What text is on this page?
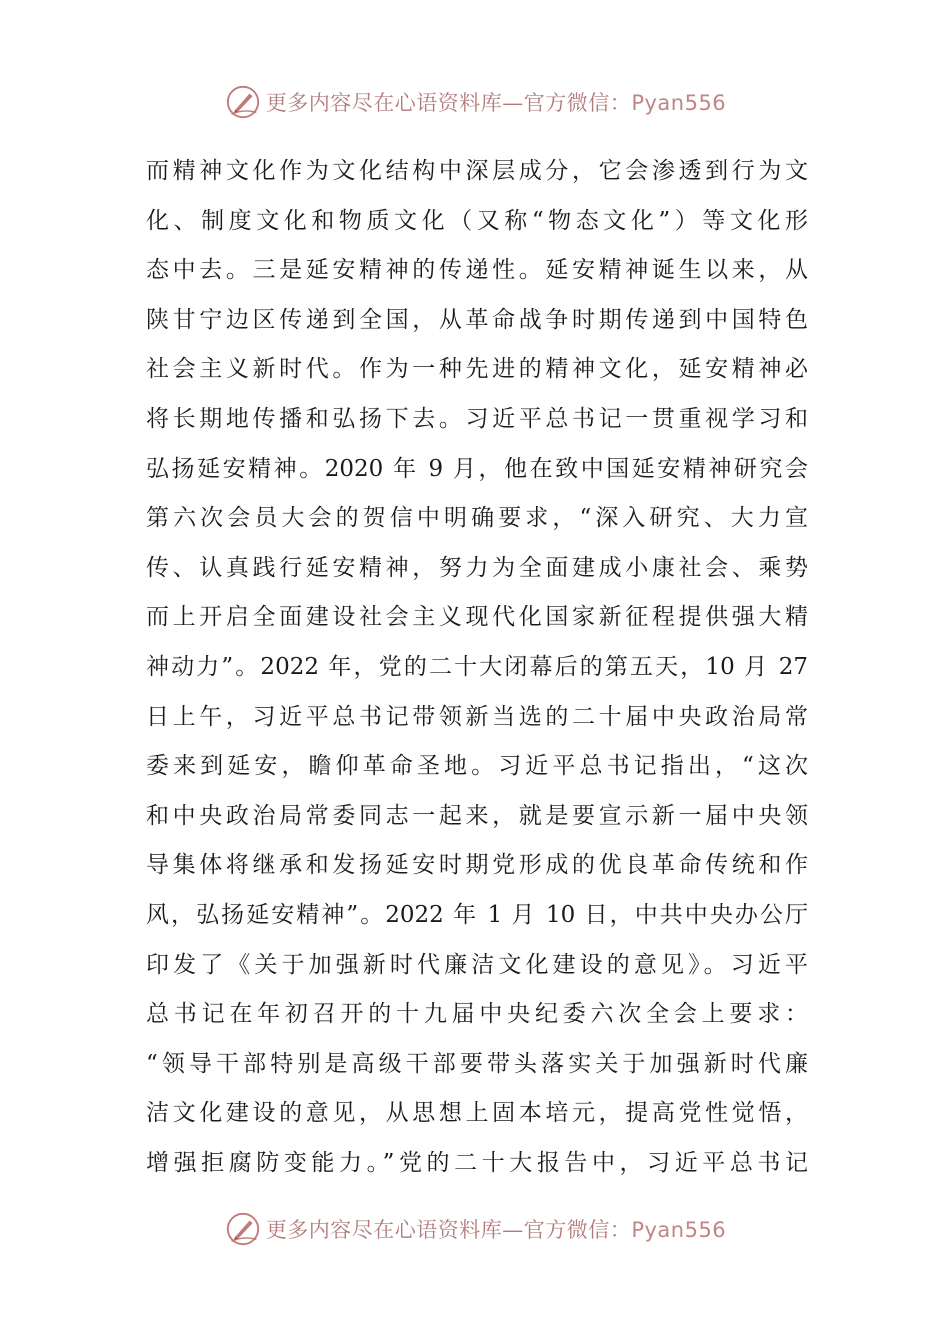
更多内容尽在心语资料库—官方微信：Pyan556
而精神文化作为文化结构中深层成分，它会渗透到行为文
化、制度文化和物质文化（又称“物态文化”）等文化形
态中去。三是延安精神的传递性。延安精神诞生以来，从
陕甘宁边区传递到全国，从革命战争时期传递到中国特色
社会主义新时代。作为一种先进的精神文化，延安精神必
将长期地传播和弘扬下去。习近平总书记一贯重视学习和
弘扬延安精神。2020 年 9 月，他在致中国延安精神研究会
第六次会员大会的贺信中明确要求，“深入研究、大力宣
传、认真践行延安精神，努力为全面建成小康社会、乘势
而上开启全面建设社会主义现代化国家新征程提供强大精
神动力”。2022 年，党的二十大闭幕后的第五天，10 月 27
日上午，习近平总书记带领新当选的二十届中央政治局常
委来到延安，瞻仰革命圣地。习近平总书记指出，“这次
和中央政治局常委同志一起来，就是要宣示新一届中央领
导集体将继承和发扬延安时期党形成的优良革命传统和作
风，弘扬延安精神”。2022 年 1 月 10 日，中共中央办公厅
印发了《关于加强新时代廉洁文化建设的意见》。习近平
总书记在年初召开的十九届中央纪委六次全会上要求：
“领导干部特别是高级干部要带头落实关于加强新时代廉
洁文化建设的意见，从思想上固本培元，提高党性觉悟，
增强拒腐防变能力。”党的二十大报告中，习近平总书记
更多内容尽在心语资料库—官方微信：Pyan556
